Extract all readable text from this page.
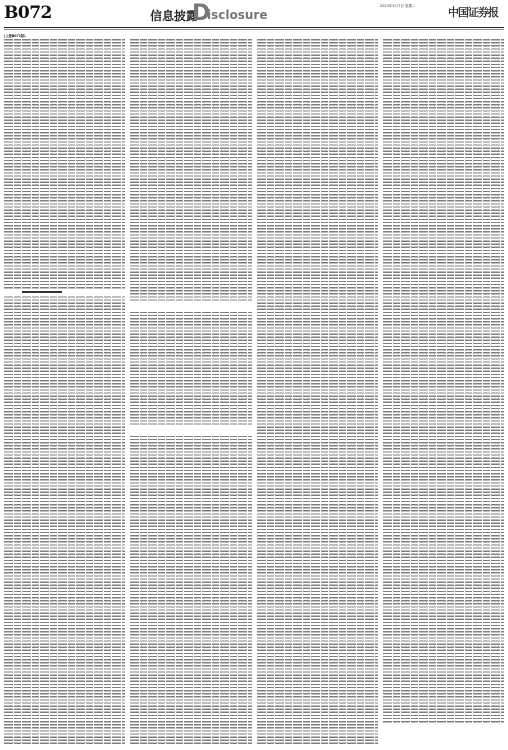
B072	信息披露
D
isclosure
2013年5月7日 星期二	中国证券报
(上接B071版)
